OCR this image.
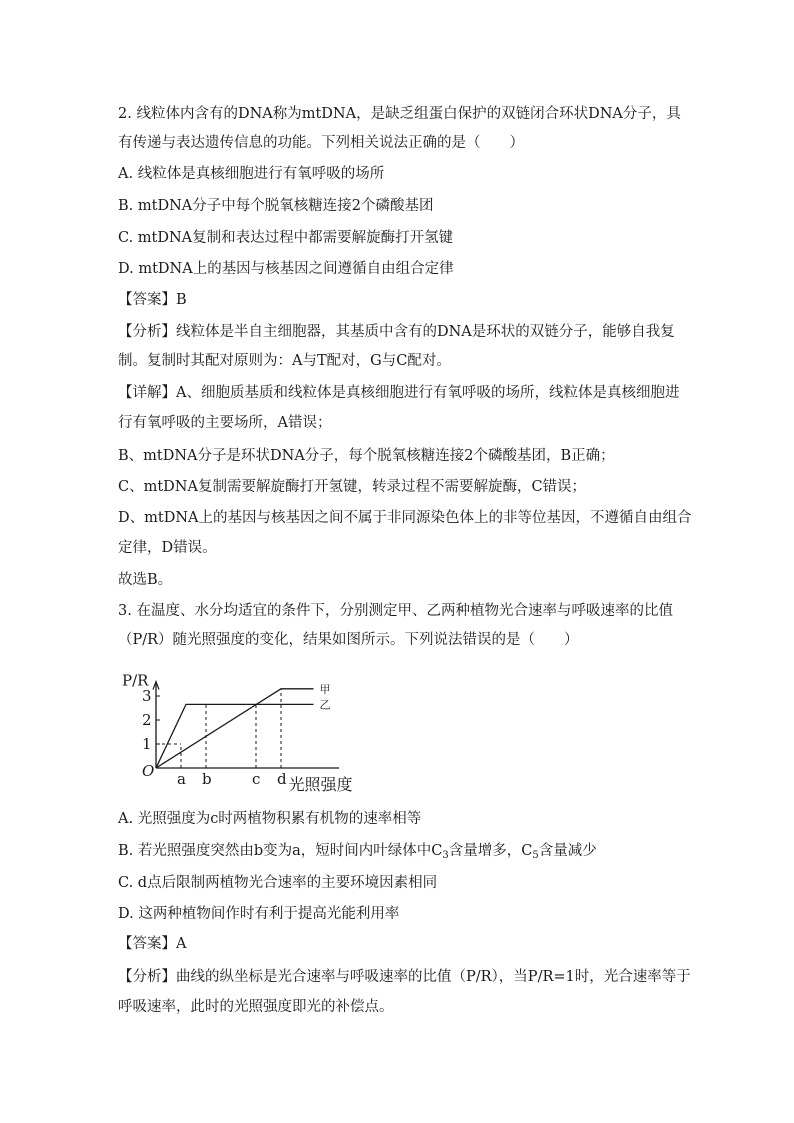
2. 线粒体内含有的DNA称为mtDNA，是缺乏组蛋白保护的双链闭合环状DNA分子，具
有传递与表达遗传信息的功能。下列相关说法正确的是（　　）
A. 线粒体是真核细胞进行有氧呼吸的场所
B. mtDNA分子中每个脱氧核糖连接2个磷酸基团
C. mtDNA复制和表达过程中都需要解旋酶打开氢键
D. mtDNA上的基因与核基因之间遵循自由组合定律
【答案】B
【分析】线粒体是半自主细胞器，其基质中含有的DNA是环状的双链分子，能够自我复
制。复制时其配对原则为：A与T配对，G与C配对。
【详解】A、细胞质基质和线粒体是真核细胞进行有氧呼吸的场所，线粒体是真核细胞进
行有氧呼吸的主要场所，A错误；
B、mtDNA分子是环状DNA分子，每个脱氧核糖连接2个磷酸基团，B正确；
C、mtDNA复制需要解旋酶打开氢键，转录过程不需要解旋酶，C错误；
D、mtDNA上的基因与核基因之间不属于非同源染色体上的非等位基因，不遵循自由组合
定律，D错误。
故选B。
3. 在温度、水分均适宜的条件下，分别测定甲、乙两种植物光合速率与呼吸速率的比值
（P/R）随光照强度的变化，结果如图所示。下列说法错误的是（　　）
P/R
光照强度
O
1
2
3
a b	c d
甲
乙
A. 光照强度为c时两植物积累有机物的速率相等
B. 若光照强度突然由b变为a，短时间内叶绿体中$C_3$含量增多，$C_5$含量减少
C. d点后限制两植物光合速率的主要环境因素相同
D. 这两种植物间作时有利于提高光能利用率
【答案】A
【分析】曲线的纵坐标是光合速率与呼吸速率的比值（P/R），当P/R=1时，光合速率等于
呼吸速率，此时的光照强度即光的补偿点。
